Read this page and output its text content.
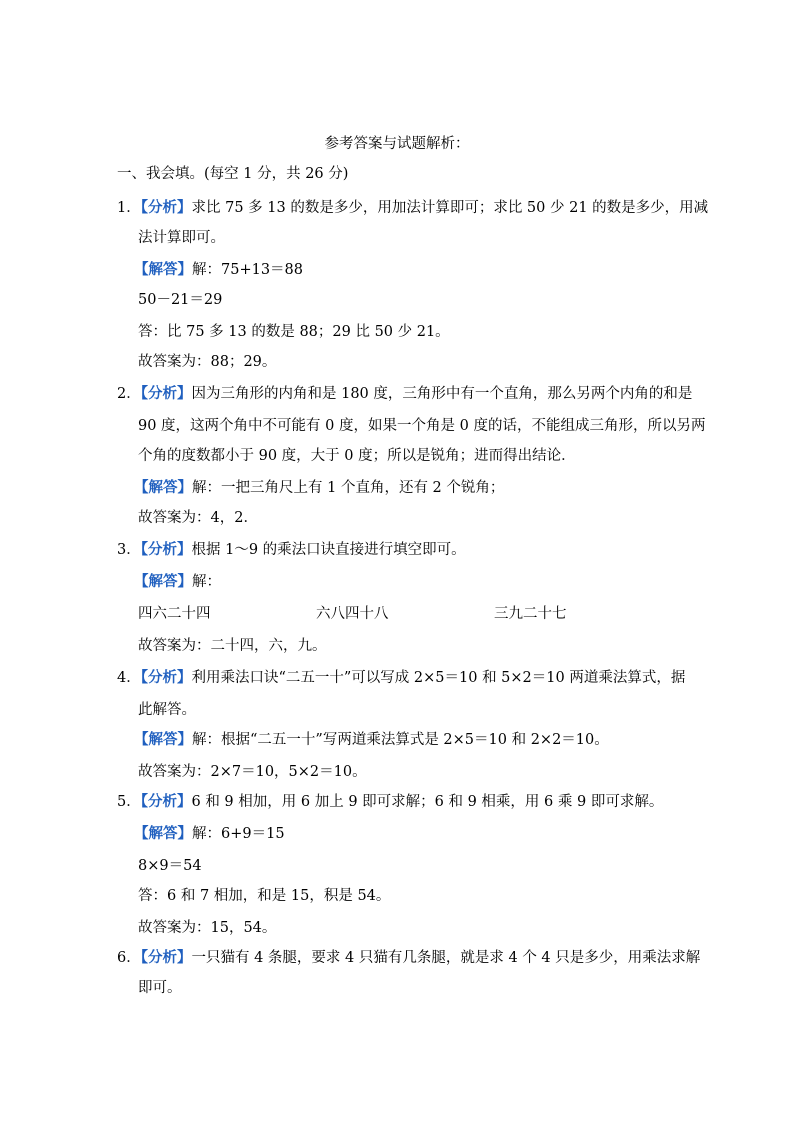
参考答案与试题解析：
一、我会填。(每空 1 分，共 26 分)
1．【分析】求比 75 多 13 的数是多少，用加法计算即可；求比 50 少 21 的数是多少，用减
法计算即可。
【解答】解：75+13＝88
50－21＝29
答：比 75 多 13 的数是 88；29 比 50 少 21。
故答案为：88；29。
2．【分析】因为三角形的内角和是 180 度，三角形中有一个直角，那么另两个内角的和是
90 度，这两个角中不可能有 0 度，如果一个角是 0 度的话，不能组成三角形，所以另两
个角的度数都小于 90 度，大于 0 度；所以是锐角；进而得出结论．
【解答】解：一把三角尺上有 1 个直角，还有 2 个锐角；
故答案为：4，2．
3．【分析】根据 1～9 的乘法口诀直接进行填空即可。
【解答】解：
四六二十四	六八四十八	三九二十七
故答案为：二十四，六，九。
4．【分析】利用乘法口诀“二五一十”可以写成 2×5＝10 和 5×2＝10 两道乘法算式，据
此解答。
【解答】解：根据“二五一十”写两道乘法算式是 2×5＝10 和 2×2＝10。
故答案为：2×7＝10，5×2＝10。
5．【分析】6 和 9 相加，用 6 加上 9 即可求解；6 和 9 相乘，用 6 乘 9 即可求解。
【解答】解：6+9＝15
8×9＝54
答：6 和 7 相加，和是 15，积是 54。
故答案为：15，54。
6．【分析】一只猫有 4 条腿，要求 4 只猫有几条腿，就是求 4 个 4 只是多少，用乘法求解
即可。
